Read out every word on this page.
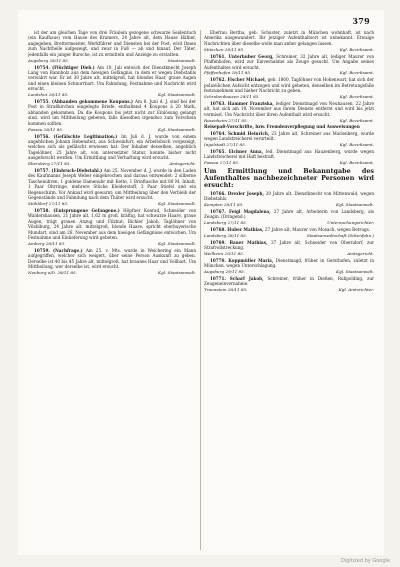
379

ist der am gleichen Tage von drei Fräulein gezogene schwarze Seidentuch (ein Kaufhaus) vom Hause des Kramers, 24 Jahre alt, dem Hause Häfner, angegeben, Brettermeister, Werkführer und Diensten bei der Post, wird Ihnen zum Nachtheile aufgezeigt, und zwar in Fuß — ab und hinauf. Der Täter, jedenfalls ein junger Bursche, ist zu ermitteln und Anzeige zu erstatten.

Augsburg 28/11 85.	Staatsanwalt.

10754. (Flüchtiger Dieb.) Am 10. Juli entwich der Dienstknecht Joseph Lang von Bannholz aus dem hiesigen Gefängnis, in dem er wegen Diebstahls verwahrt war. Er ist 30 Jahre alt, mittelgroß, hat blondes Haar, graue Augen und einen kleinen Schnurrbart. Um Fahndung, Festnahme und Nachricht wird ersucht.

Landshut 28/11 85.	Kgl. Staatsanwalt.

10755. (Abhanden gekommene Koupons.) Am 8. Juni d. J. sind bei der Post in Straßkirchen eingelegte Briefe, enthaltend 4 Koupons à 20 Mark, abhanden gekommen. Da die Koupons bis jetzt nicht zur Einlösung gelangt sind, wird um Mittheilung gebeten, falls dieselben irgendwo zum Vorschein kommen sollten.

Passau 28/11 85.	Kgl. Staatsanwalt.

10756. (Gefälschte Legitimation.) Im Juli d. J. wurde von einem angeblichen Johann Hebensteit, aus Schweinfurt, ein Arbeitsbuch vorgezeigt, welches sich als gefälscht erwiesen hat. Der Inhaber desselben, angeblich Tagelöhner, 25 Jahre alt, von untersetzter Statur, konnte bisher nicht ausgeforscht werden. Um Ermittlung und Verhaftung wird ersucht.

Ebersberg 27/11 85.	Amtsgericht.

10757. (Einbruch-Diebstahl.) Am 25. November d. J. wurde in den Laden des Kaufmanns Joseph Weber eingebrochen und daraus entwendet: 2 silberne Taschenuhren, 1 goldene Damenuhr mit Kette, 1 Brieftasche mit 80 M. Inhalt, 1 Paar Ohrringe, mehrere Stücke Kleiderstoff, 3 Paar Stiefel und ein Regenschirm. Vor Ankauf wird gewarnt; um Mittheilung über den Verbleib der Gegenstände und Fahndung nach dem Thäter wird ersucht.

Mühldorf 27/11 85.	Kgl. Staatsanwalt.

10758. (Entsprungene Gefangene.) Höpfner Konrad, Schneider von Waldershausen, 21 Jahre alt, 1,62 m groß, kräftig, hat schwarze Haare, graue Augen, trägt grauen Anzug und Filzhut; Bichler Jakob, Taglöhner von Vilsbiburg, 24 Jahre alt, mittelgroß, blonde Haare, spricht oberbayerische Mundart, sind am 26. November aus dem hiesigen Gefängnisse entwichen. Um Festnahme und Einlieferung wird gebeten.

Amberg 28/11 85.	Kgl. Staatsanwalt.

10759. (Nachfrage.) Am 25. v. Mts. wurde in Weichering ein Mann aufgegriffen, welcher sich weigert, über seine Person Auskunft zu geben. Derselbe ist 40 bis 45 Jahre alt, mittelgroß, hat braunes Haar und Vollbart. Um Mittheilung, wer derselbe ist, wird ersucht.

Neuburg a/D. 28/11 85.	Kgl. Staatsanwalt.

Ehefrau Bertha, geb. Schuster, zuletzt in München wohnhaft, ist nach Amerika ausgewandert. Ihr jetziger Aufenthaltsort ist unbekannt. Etwaige Nachrichten über dieselbe wolle man anher gelangen lassen.

München 28/11 85.	Kgl. Bezirksamt.

10761. Unterhuber Georg, Schreiner, 32 Jahre alt, lediger Maurer von Pfaffenhofen, wird zur Einvernahme als Zeuge gesucht. Um Angabe seines Aufenthaltes wird ersucht.

Pfaffenhofen 28/11 85.	Kgl. Bezirksamt.

10762. Fischer Michael, geb. 1860, Taglöhner von Hohenwart, hat sich der polizeilichen Aufsicht entzogen und wird gebeten, denselben im Betretungsfalle festzunehmen und hieher Nachricht zu geben.

Schrobenhausen 28/11 85.	Kgl. Bezirksamt.

10763. Hammer Franziska, lediger Dienstmagd von Neuhausen, 22 Jahre alt, hat sich am 18. November aus ihrem Dienste entfernt und wird bis jetzt vermisst. Um Nachricht über ihren Aufenthalt wird ersucht.

Rosenheim 27/11 85.	Kgl. Bezirksamt.
Reisepaß-Vorschrifte, bzw. Fremdenverpflegung und Ausweisungen

10764. Schmid Heinrich, 23 Jahre alt, Schreiner aus Marienberg, wurde wegen Landstreicherei verurteilt.

Ingolstadt 27/11 85.	Kgl. Bezirksamt.

10765. Eichner Anna, led. Dienstmagd aus Hauzenberg, wurde wegen Landstreicherei mit Haft bestraft.

Passau 27/11 85.	Kgl. Bezirksamt.
Um Ermittlung und Bekanntgabe des Aufenthaltes nachbezeichneter Personen wird ersucht:

10766. Drexler Joseph, 20 Jahre alt, Dienstknecht von Mittenwald, wegen Diebstahls.

Kempten 28/11 85.	Kgl. Staatsanwalt.

10767. Feigl Magdalena, 27 Jahre alt, Arbeiterin von Landsberg, als Zeugin. (Dringend.)

Landsberg 27/11 85.	Untersuchungsrichter.

10768. Huber Mathias, 27 Jahre alt, Maurer von Mosach, wegen Betrugs.

Landsberg 28/11 85.	Staatsanwaltschaft (Sittenfahn.)

10769. Bauer Mathias, 37 Jahre alt, Schneider von Oberndorf, zur Strafvollstreckung.

Weilheim 29/11 85.	Amtsgericht.

10770. Koppmüller Maria, Dienstmagd, früher in Gersthofen, zuletzt in München, wegen Unterschlagung.

Augsburg 29/11 85.	Kgl. Staatsanwalt.

10771. Scharf Jakob, Schreiner, früher in Dießen, Ruhpolding, zur Zeugeneinvernahme.

Traunstein 28/11 85.	Kgl. Amtsrichter.
Digitized by Google
